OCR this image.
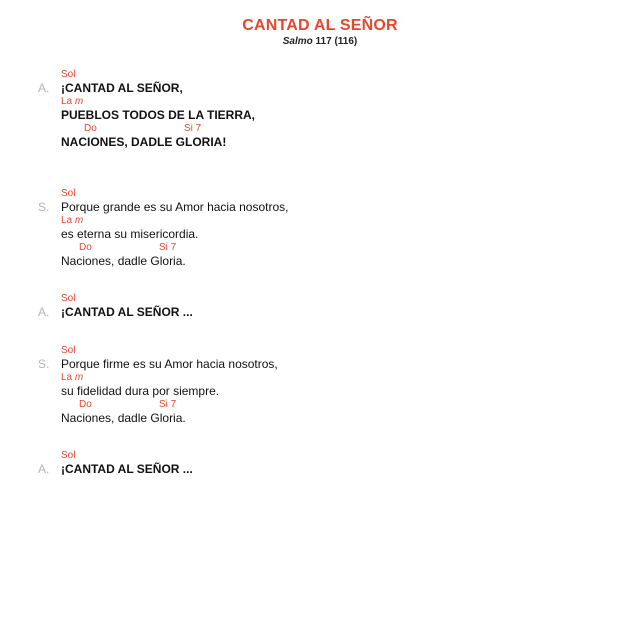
CANTAD AL SEÑOR
Salmo 117 (116)
Sol
A. ¡CANTAD AL SEÑOR,
La m
PUEBLOS TODOS DE LA TIERRA,
Do	Si 7
NACIONES, DADLE GLORIA!
Sol
S. Porque grande es su Amor hacia nosotros,
La m
es eterna su misericordia.
Do	Si 7
Naciones, dadle Gloria.
Sol
A. ¡CANTAD AL SEÑOR ...
Sol
S. Porque firme es su Amor hacia nosotros,
La m
su fidelidad dura por siempre.
Do	Si 7
Naciones, dadle Gloria.
Sol
A. ¡CANTAD AL SEÑOR ...
